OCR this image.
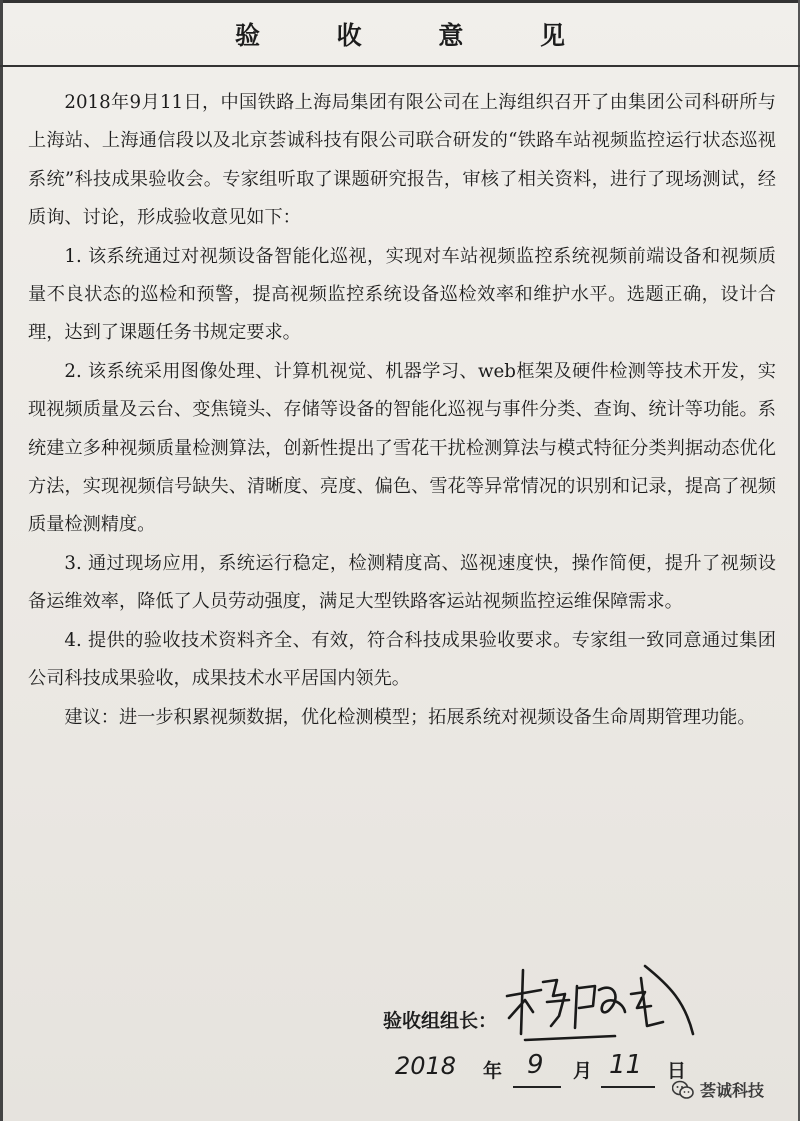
验 收 意 见

2018年9月11日，中国铁路上海局集团有限公司在上海组织召开了由集团公司科研所与上海站、上海通信段以及北京荟诚科技有限公司联合研发的“铁路车站视频监控运行状态巡视系统”科技成果验收会。专家组听取了课题研究报告，审核了相关资料，进行了现场测试，经质询、讨论，形成验收意见如下：

1. 该系统通过对视频设备智能化巡视，实现对车站视频监控系统视频前端设备和视频质量不良状态的巡检和预警，提高视频监控系统设备巡检效率和维护水平。选题正确，设计合理，达到了课题任务书规定要求。

2. 该系统采用图像处理、计算机视觉、机器学习、web框架及硬件检测等技术开发，实现视频质量及云台、变焦镜头、存储等设备的智能化巡视与事件分类、查询、统计等功能。系统建立多种视频质量检测算法，创新性提出了雪花干扰检测算法与模式特征分类判据动态优化方法，实现视频信号缺失、清晰度、亮度、偏色、雪花等异常情况的识别和记录，提高了视频质量检测精度。

3. 通过现场应用，系统运行稳定，检测精度高、巡视速度快，操作简便，提升了视频设备运维效率，降低了人员劳动强度，满足大型铁路客运站视频监控运维保障需求。

4. 提供的验收技术资料齐全、有效，符合科技成果验收要求。专家组一致同意通过集团公司科技成果验收，成果技术水平居国内领先。

建议：进一步积累视频数据，优化检测模型；拓展系统对视频设备生命周期管理功能。

验收组组长：
2018 年 9 月 11 日
荟诚科技
